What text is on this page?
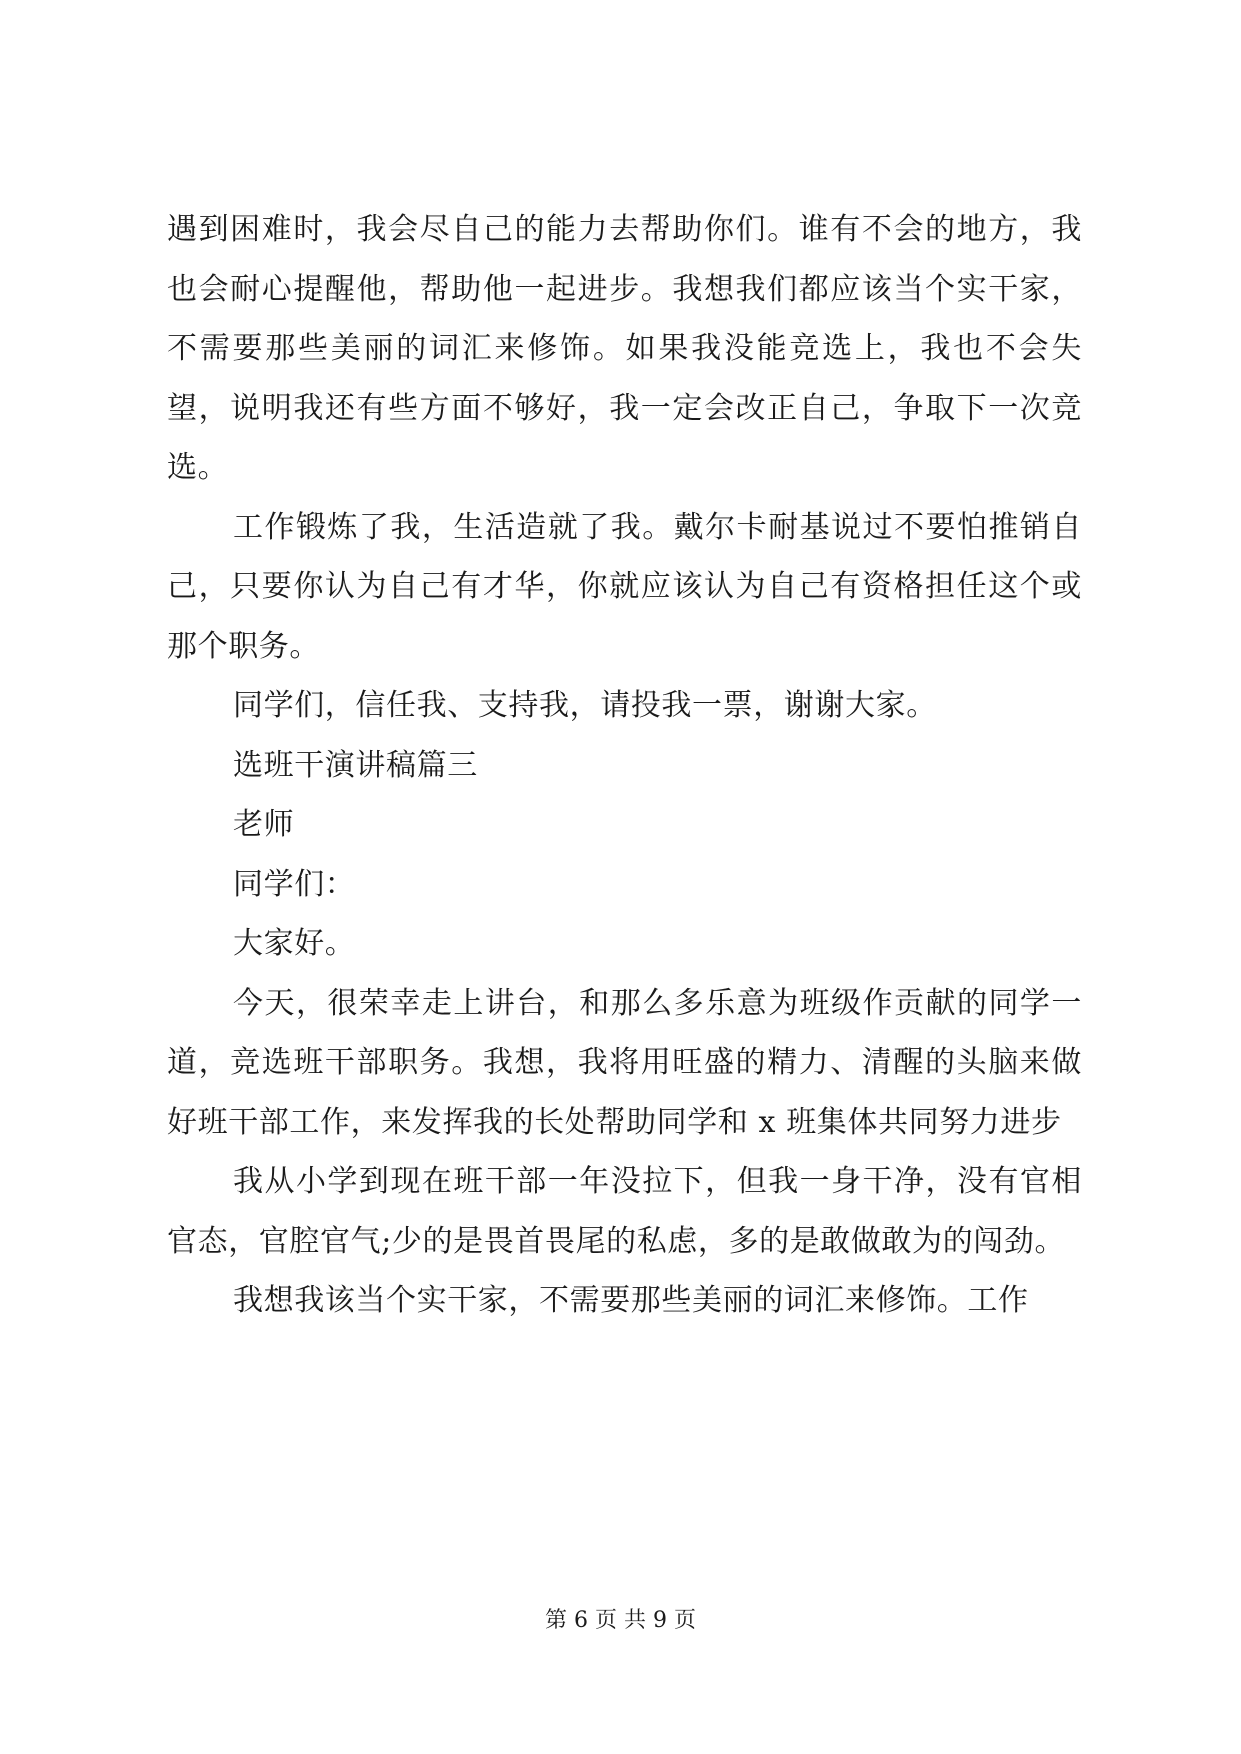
遇到困难时，我会尽自己的能力去帮助你们。谁有不会的地方，我也会耐心提醒他，帮助他一起进步。我想我们都应该当个实干家，不需要那些美丽的词汇来修饰。如果我没能竞选上，我也不会失望，说明我还有些方面不够好，我一定会改正自己，争取下一次竞选。

工作锻炼了我，生活造就了我。戴尔卡耐基说过不要怕推销自己，只要你认为自己有才华，你就应该认为自己有资格担任这个或那个职务。

同学们，信任我、支持我，请投我一票，谢谢大家。

选班干演讲稿篇三

老师

同学们：

大家好。

今天，很荣幸走上讲台，和那么多乐意为班级作贡献的同学一道，竞选班干部职务。我想，我将用旺盛的精力、清醒的头脑来做好班干部工作，来发挥我的长处帮助同学和 x 班集体共同努力进步

我从小学到现在班干部一年没拉下，但我一身干净，没有官相官态，官腔官气;少的是畏首畏尾的私虑，多的是敢做敢为的闯劲。

我想我该当个实干家，不需要那些美丽的词汇来修饰。工作

第 6 页 共 9 页
